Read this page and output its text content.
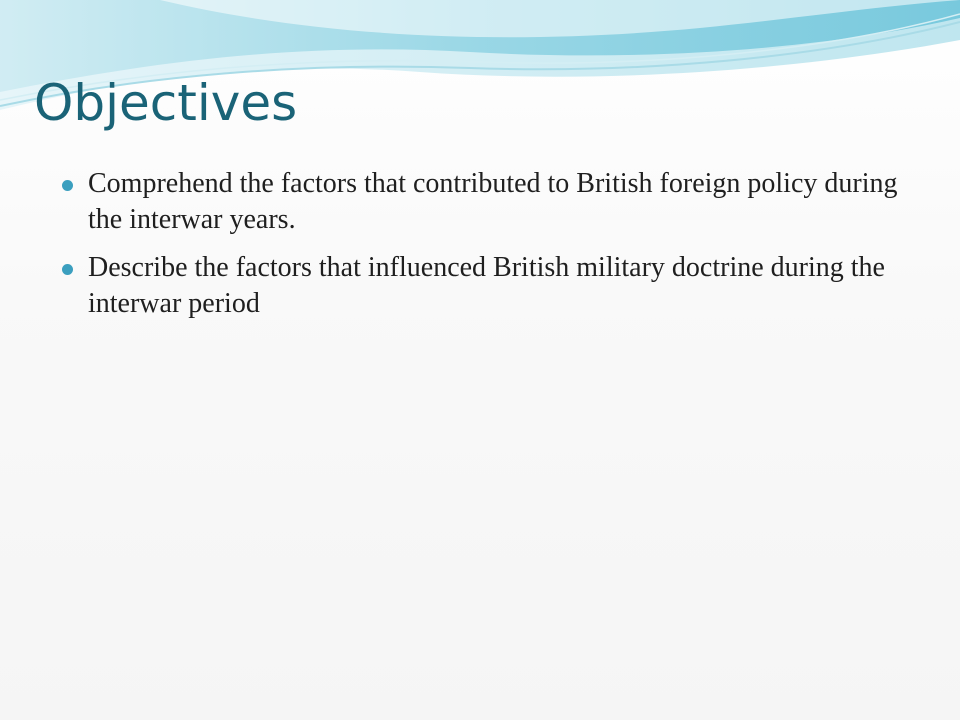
Objectives
Comprehend the factors that contributed to British foreign policy during the interwar years.
Describe the factors that influenced British military doctrine during the interwar period
